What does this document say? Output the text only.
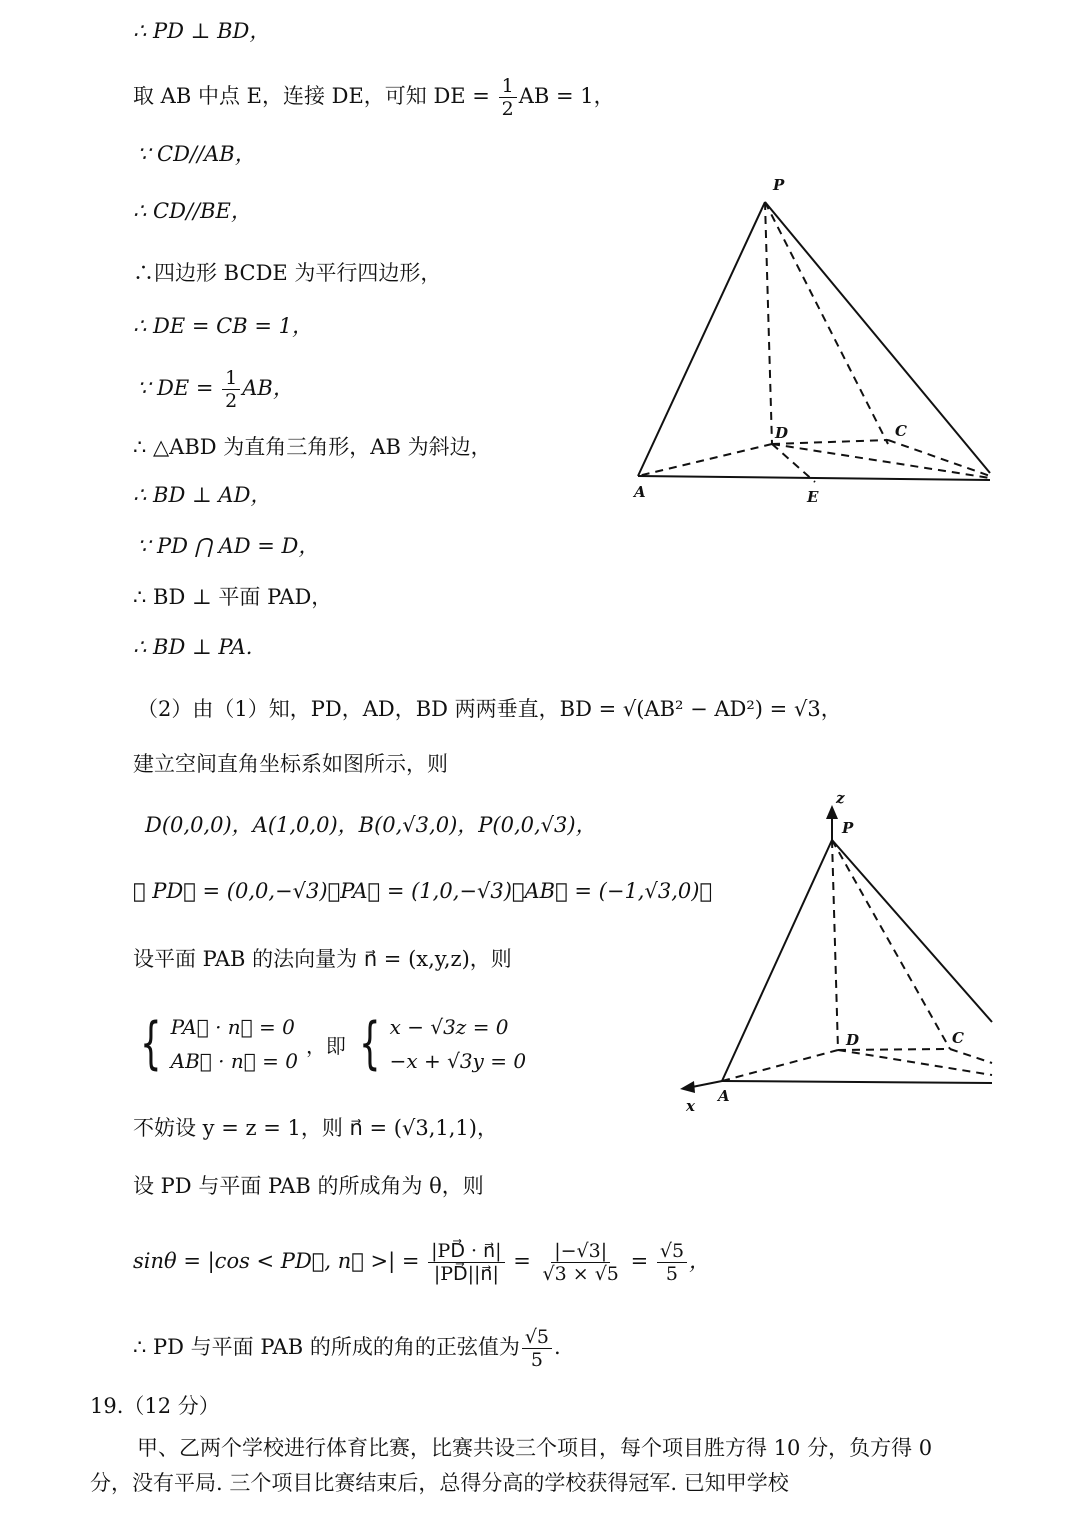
∴ PD ⊥ BD，
取 AB 中点 E，连接 DE，可知 DE = $\frac{1}{2}$ AB = 1，
∵ CD//AB，
∴ CD//BE，
∴四边形 BCDE 为平行四边形，
∴ DE = CB = 1，
∵ DE = $\frac{1}{2}$ AB，
∴ △ABD 为直角三角形，AB 为斜边，
∴ BD ⊥ AD，
∵ PD ⋂ AD = D，
∴ BD ⊥ 平面 PAD，
∴ BD ⊥ PA.
（2）由（1）知，PD，AD，BD 两两垂直，BD = √(AB² − AD²) = √3，
建立空间直角坐标系如图所示，则
D(0,0,0)，A(1,0,0)，B(0,√3,0)，P(0,0,√3)，
∴ PD⃗ = (0,0,−√3)，PA⃗ = (1,0,−√3)，AB⃗ = (−1,√3,0)，
设平面 PAB 的法向量为 n⃗ = (x,y,z)，则
{ PA⃗ · n⃗ = 0
AB⃗ · n⃗ = 0
，即 { x − √3z = 0
−x + √3y = 0
不妨设 y = z = 1，则 n⃗ = (√3,1,1)，
设 PD 与平面 PAB 的所成角为 θ，则
sinθ = |cos < PD⃗, n⃗ >| = $\frac{|PD⃗ \cdot n⃗|}{|PD⃗||n⃗|} = \frac{|-√3|}{√3 \times √5} = \frac{√5}{5}$ ，
∴ PD 与平面 PAB 的所成的角的正弦值为 $\frac{√5}{5}$ .
19.（12 分）
甲、乙两个学校进行体育比赛，比赛共设三个项目，每个项目胜方得 10 分，负方得 0
分，没有平局. 三个项目比赛结束后，总得分高的学校获得冠军. 已知甲学校
P
D	C
A	E
z
P
D	C
A
x
